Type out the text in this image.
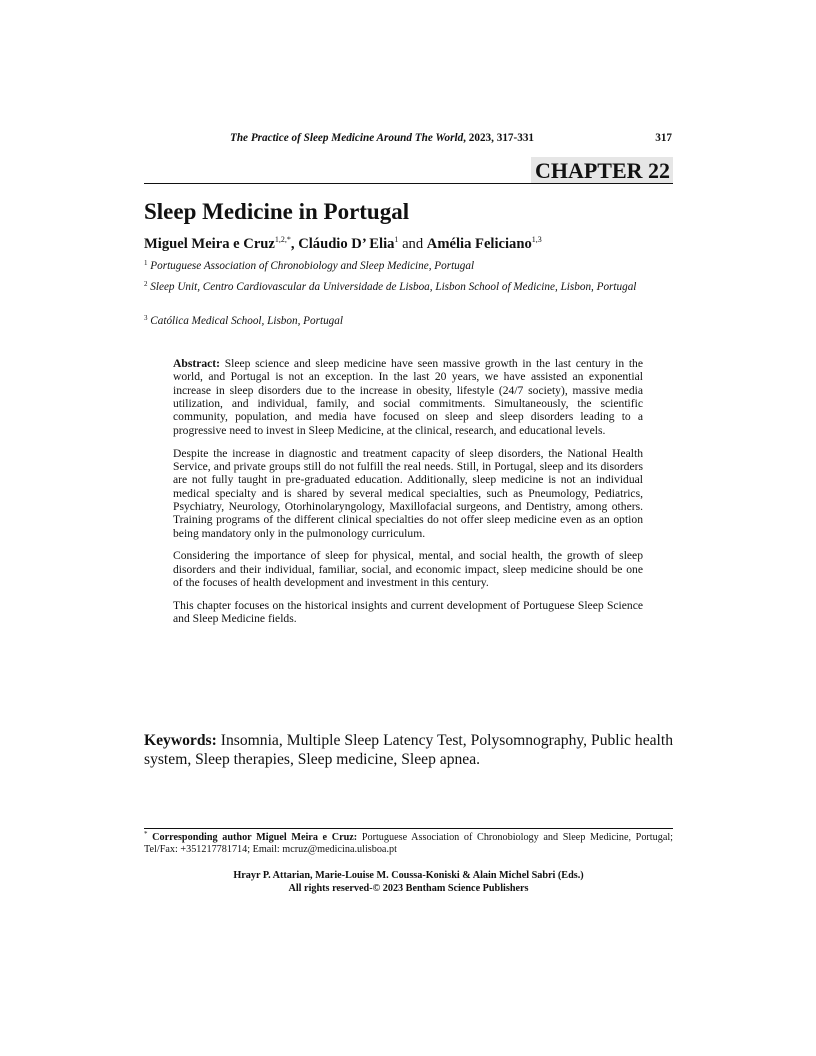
The Practice of Sleep Medicine Around The World, 2023, 317-331	317
CHAPTER 22
Sleep Medicine in Portugal
Miguel Meira e Cruz$^{1,2,*}$, Cláudio D’ Elia$^1$ and Amélia Feliciano$^{1,3}$
$^1$ Portuguese Association of Chronobiology and Sleep Medicine, Portugal
$^2$ Sleep Unit, Centro Cardiovascular da Universidade de Lisboa, Lisbon School of Medicine, Lisbon, Portugal
$^3$ Católica Medical School, Lisbon, Portugal

Abstract: Sleep science and sleep medicine have seen massive growth in the last century in the world, and Portugal is not an exception. In the last 20 years, we have assisted an exponential increase in sleep disorders due to the increase in obesity, lifestyle (24/7 society), massive media utilization, and individual, family, and social commitments. Simultaneously, the scientific community, population, and media have focused on sleep and sleep disorders leading to a progressive need to invest in Sleep Medicine, at the clinical, research, and educational levels.

Despite the increase in diagnostic and treatment capacity of sleep disorders, the National Health Service, and private groups still do not fulfill the real needs. Still, in Portugal, sleep and its disorders are not fully taught in pre-graduated education. Additionally, sleep medicine is not an individual medical specialty and is shared by several medical specialties, such as Pneumology, Pediatrics, Psychiatry, Neurology, Otorhinolaryngology, Maxillofacial surgeons, and Dentistry, among others. Training programs of the different clinical specialties do not offer sleep medicine even as an option being mandatory only in the pulmonology curriculum.

Considering the importance of sleep for physical, mental, and social health, the growth of sleep disorders and their individual, familiar, social, and economic impact, sleep medicine should be one of the focuses of health development and investment in this century.

This chapter focuses on the historical insights and current development of Portuguese Sleep Science and Sleep Medicine fields.

Keywords: Insomnia, Multiple Sleep Latency Test, Polysomnography, Public health system, Sleep therapies, Sleep medicine, Sleep apnea.
* Corresponding author Miguel Meira e Cruz: Portuguese Association of Chronobiology and Sleep Medicine, Portugal; Tel/Fax: +351217781714; Email: mcruz@medicina.ulisboa.pt
Hrayr P. Attarian, Marie-Louise M. Coussa-Koniski & Alain Michel Sabri (Eds.)
All rights reserved-© 2023 Bentham Science Publishers
